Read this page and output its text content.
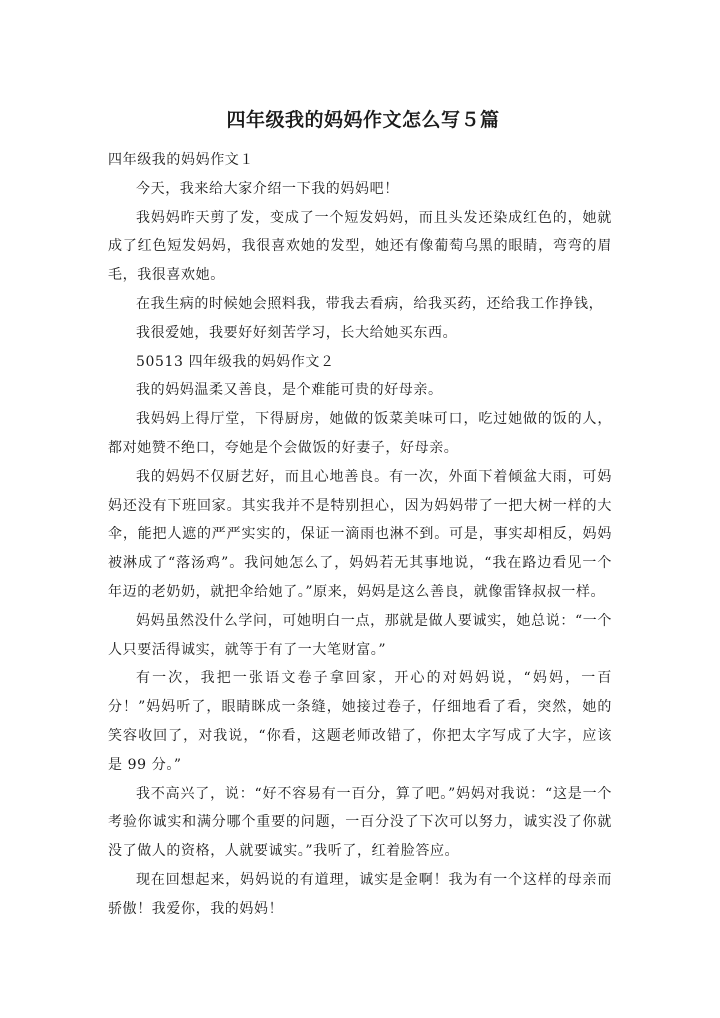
四年级我的妈妈作文怎么写５篇

四年级我的妈妈作文１

今天，我来给大家介绍一下我的妈妈吧！

我妈妈昨天剪了发，变成了一个短发妈妈，而且头发还染成红色的，她就成了红色短发妈妈，我很喜欢她的发型，她还有像葡萄乌黑的眼睛，弯弯的眉毛，我很喜欢她。

在我生病的时候她会照料我，带我去看病，给我买药，还给我工作挣钱，

我很爱她，我要好好刻苦学习，长大给她买东西。

50513 四年级我的妈妈作文２

我的妈妈温柔又善良，是个难能可贵的好母亲。

我妈妈上得厅堂，下得厨房，她做的饭菜美味可口，吃过她做的饭的人，都对她赞不绝口，夸她是个会做饭的好妻子，好母亲。

我的妈妈不仅厨艺好，而且心地善良。有一次，外面下着倾盆大雨，可妈妈还没有下班回家。其实我并不是特别担心，因为妈妈带了一把大树一样的大伞，能把人遮的严严实实的，保证一滴雨也淋不到。可是，事实却相反，妈妈被淋成了“落汤鸡”。我问她怎么了，妈妈若无其事地说，“我在路边看见一个年迈的老奶奶，就把伞给她了。”原来，妈妈是这么善良，就像雷锋叔叔一样。

妈妈虽然没什么学问，可她明白一点，那就是做人要诚实，她总说：“一个人只要活得诚实，就等于有了一大笔财富。”

有一次，我把一张语文卷子拿回家，开心的对妈妈说，“妈妈，一百分！”妈妈听了，眼睛眯成一条缝，她接过卷子，仔细地看了看，突然，她的笑容收回了，对我说，“你看，这题老师改错了，你把太字写成了大字，应该是 99 分。”

我不高兴了，说：“好不容易有一百分，算了吧。”妈妈对我说：“这是一个考验你诚实和满分哪个重要的问题，一百分没了下次可以努力，诚实没了你就没了做人的资格，人就要诚实。”我听了，红着脸答应。

现在回想起来，妈妈说的有道理，诚实是金啊！我为有一个这样的母亲而骄傲！我爱你，我的妈妈！
